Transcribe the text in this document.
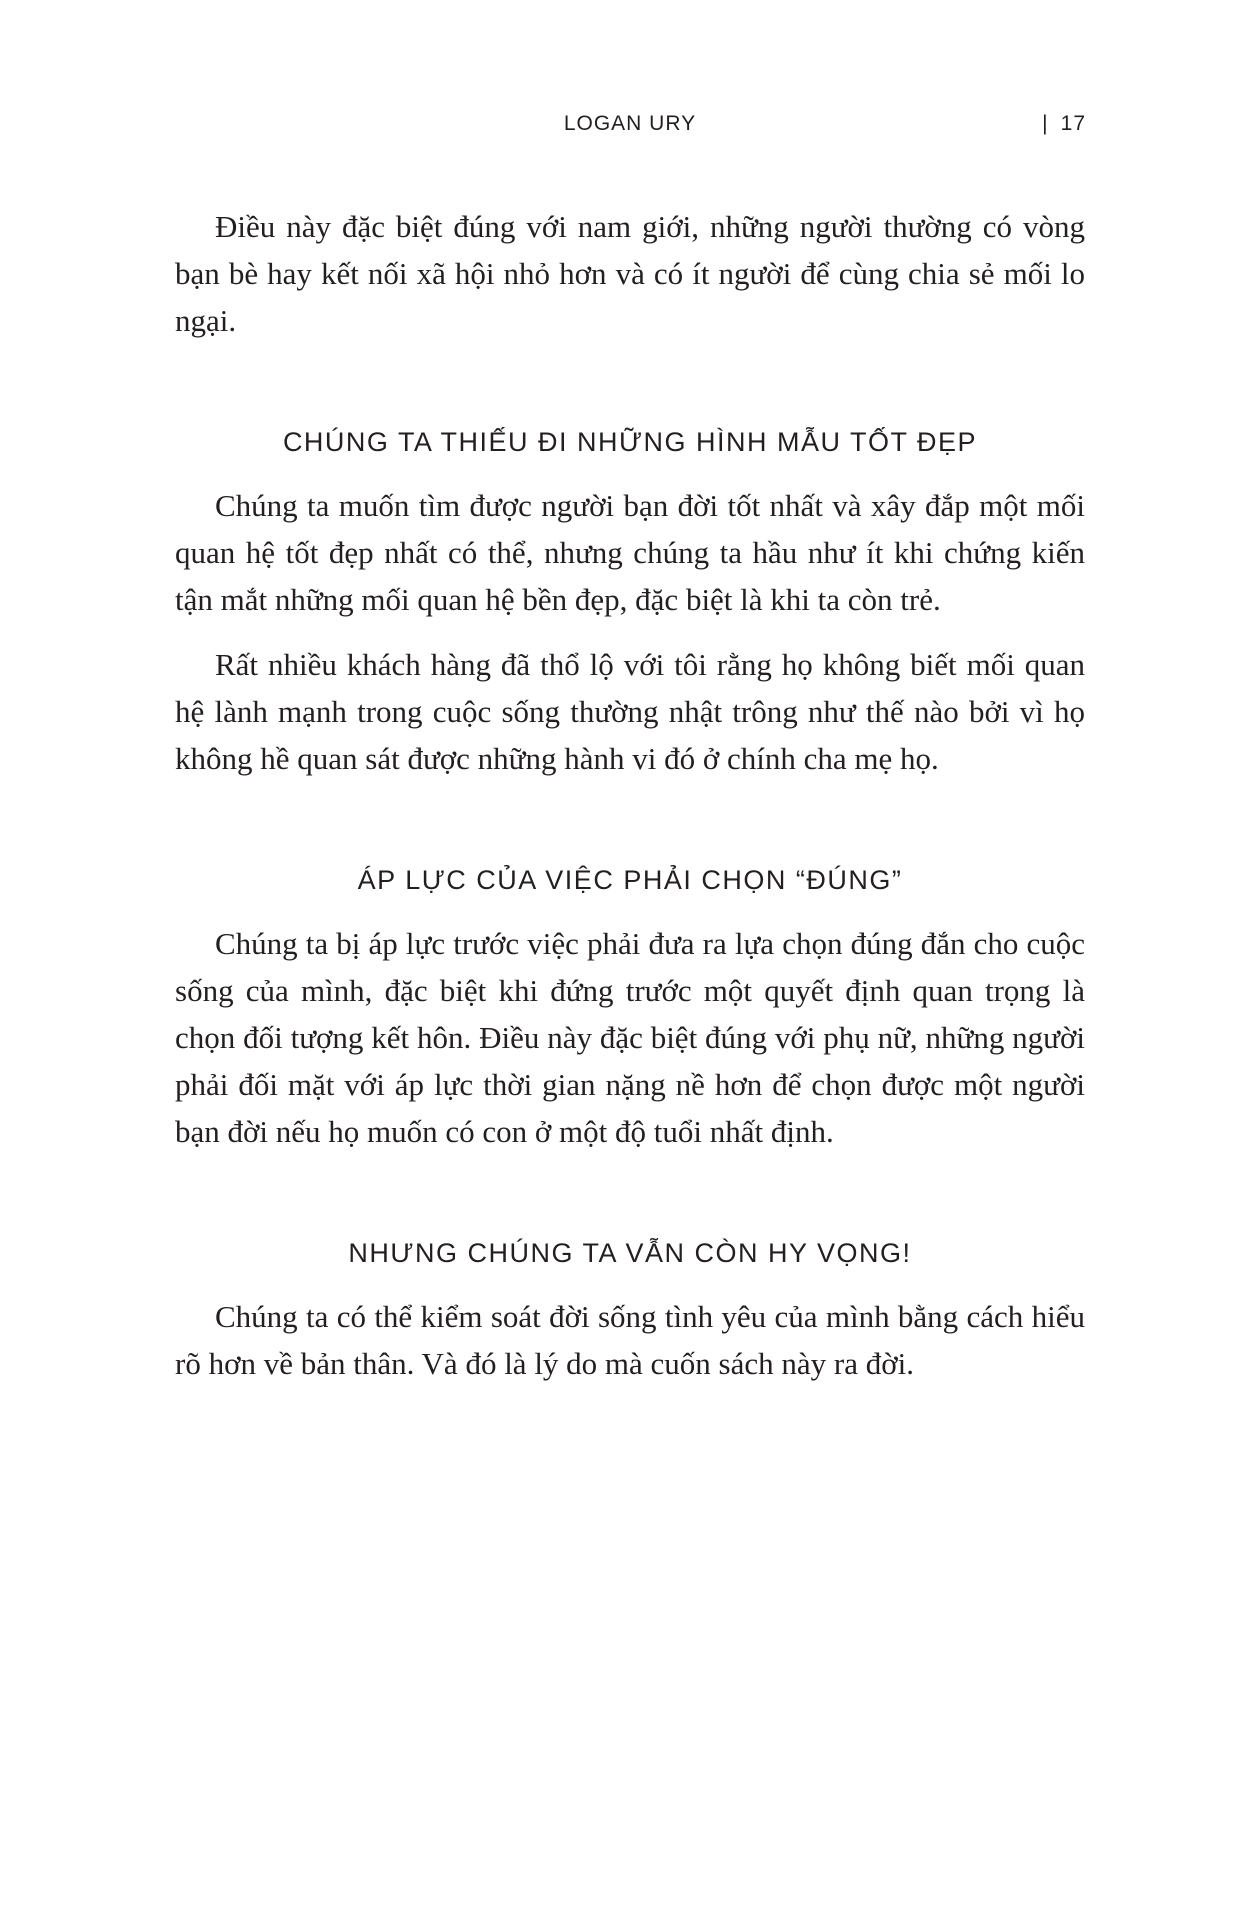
LOGAN URY	| 17

Điều này đặc biệt đúng với nam giới, những người thường có vòng bạn bè hay kết nối xã hội nhỏ hơn và có ít người để cùng chia sẻ mối lo ngại.

CHÚNG TA THIẾU ĐI NHỮNG HÌNH MẪU TỐT ĐẸP

Chúng ta muốn tìm được người bạn đời tốt nhất và xây đắp một mối quan hệ tốt đẹp nhất có thể, nhưng chúng ta hầu như ít khi chứng kiến tận mắt những mối quan hệ bền đẹp, đặc biệt là khi ta còn trẻ.

Rất nhiều khách hàng đã thổ lộ với tôi rằng họ không biết mối quan hệ lành mạnh trong cuộc sống thường nhật trông như thế nào bởi vì họ không hề quan sát được những hành vi đó ở chính cha mẹ họ.

ÁP LỰC CỦA VIỆC PHẢI CHỌN “ĐÚNG”

Chúng ta bị áp lực trước việc phải đưa ra lựa chọn đúng đắn cho cuộc sống của mình, đặc biệt khi đứng trước một quyết định quan trọng là chọn đối tượng kết hôn. Điều này đặc biệt đúng với phụ nữ, những người phải đối mặt với áp lực thời gian nặng nề hơn để chọn được một người bạn đời nếu họ muốn có con ở một độ tuổi nhất định.

NHƯNG CHÚNG TA VẪN CÒN HY VỌNG!

Chúng ta có thể kiểm soát đời sống tình yêu của mình bằng cách hiểu rõ hơn về bản thân. Và đó là lý do mà cuốn sách này ra đời.
